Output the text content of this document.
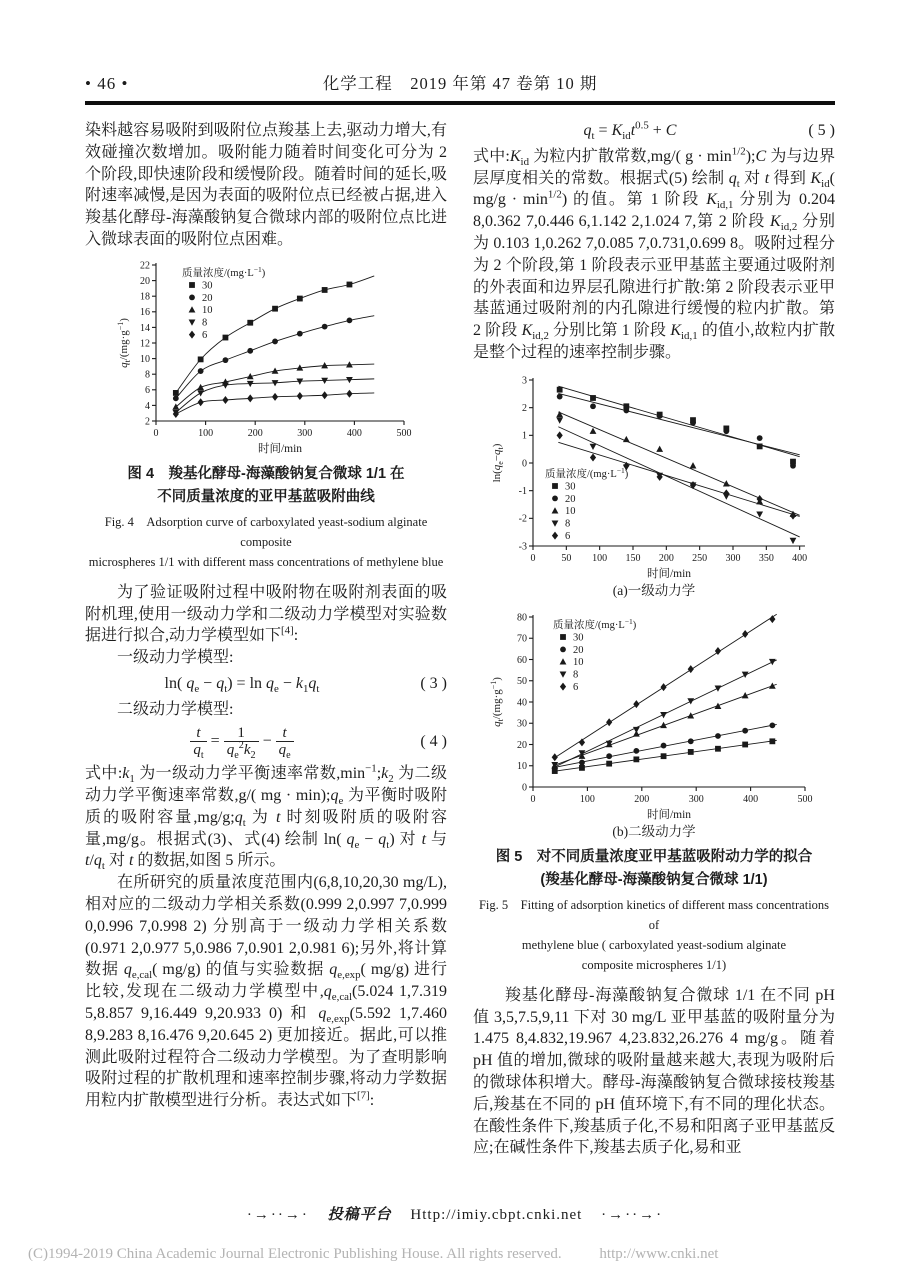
• 46 •	化学工程　2019 年第 47 卷第 10 期

染料越容易吸附到吸附位点羧基上去,驱动力增大,有效碰撞次数增加。吸附能力随着时间变化可分为 2 个阶段,即快速阶段和缓慢阶段。随着时间的延长,吸附速率减慢,是因为表面的吸附位点已经被占据,进入羧基化酵母-海藻酸钠复合微球内部的吸附位点比进入微球表面的吸附位点困难。

0	100	200	300	400	500
2
4
6
8
10
12
14
16
18
20
22
时间/min
$q_t/(mg\cdot g^{-1})$
质量浓度$/(mg\cdot L^{-1})$
30
20
10
8
6
图 4　羧基化酵母-海藻酸钠复合微球 1/1 在
不同质量浓度的亚甲基蓝吸附曲线
Fig. 4　Adsorption curve of carboxylated yeast-sodium alginate composite
microspheres 1/1 with different mass concentrations of methylene blue

为了验证吸附过程中吸附物在吸附剂表面的吸附机理,使用一级动力学和二级动力学模型对实验数据进行拟合,动力学模型如下[4]:

一级动力学模型:

ln( $q_e - q_t) = \ln q_e - k_1q_t$	( 3 )

二级动力学模型:

$\frac{t}{q_t} = \frac{1}{q_e^2k_2} - \frac{t}{q_e}$	( 4 )

式中$:k_1$ 为一级动力学平衡速率常数$,\min^{-1};k_2$ 为二级动力学平衡速率常数,g/( mg · $\min);q_e$ 为平衡时吸附质的吸附容量$,mg/g;q_t$ 为 t 时刻吸附质的吸附容量,mg/g。根据式(3)、式(4) 绘制 ln( $q_e - q_t$) 对 t 与 $t/q_t$ 对 t 的数据,如图 5 所示。

在所研究的质量浓度范围内(6,8,10,20,30 mg/L),相对应的二级动力学相关系数(0.999 2,0.997 7,0.999 0,0.996 7,0.998 2) 分别高于一级动力学相关系数(0.971 2,0.977 5,0.986 7,0.901 2,0.981 6);另外,将计算数据 $q_{e,cal}$( mg/g) 的值与实验数据 $q_{e,exp}$( mg/g) 进行比较,发现在二级动力学模型中$,q_{e,cal}(5.024$ 1,7.319 5,8.857 9,16.449 9,20.933 0) 和 $q_{e,exp}(5.592$ 1,7.460 8,9.283 8,16.476 9,20.645 2) 更加接近。据此,可以推测此吸附过程符合二级动力学模型。为了查明影响吸附过程的扩散机理和速率控制步骤,将动力学数据用粒内扩散模型进行分析。表达式如下[7]:

$q_t = K_{id}t^{0.5} + C$	( 5 )

式中$:K_{id}$ 为粒内扩散常数,mg/( $g \cdot \min^{1/2});C$ 为与边界层厚度相关的常数。根据式(5) 绘制 $q_t$ 对 t 得到 $K_{id}$( $mg/g \cdot \min^{1/2}$) 的值。第 1 阶段 $K_{id,1}$ 分别为 0.204 8,0.362 7,0.446 6,1.142 2,1.024 7,第 2 阶段 $K_{id,2}$ 分别为 0.103 1,0.262 7,0.085 7,0.731,0.699 8。吸附过程分为 2 个阶段,第 1 阶段表示亚甲基蓝主要通过吸附剂的外表面和边界层孔隙进行扩散:第 2 阶段表示亚甲基蓝通过吸附剂的内孔隙进行缓慢的粒内扩散。第 2 阶段 $K_{id,2}$ 分别比第 1 阶段 $K_{id,1}$ 的值小,故粒内扩散是整个过程的速率控制步骤。

0	50 100 150 200 250 300 350 400
-3
-2
-1
0
1
2
3
时间/min
$\ln(q_e-q_t)$
质量浓度$/(mg\cdot L^{-1})$
30
20
10
8
6
(a)一级动力学
0	100	200	300	400	500
0
10
20
30
40
50
60
70
80
时间/min
$q_t/(mg\cdot g^{-1})$
质量浓度$/(mg\cdot L^{-1})$
30
20
10
8
6
(b)二级动力学
图 5　对不同质量浓度亚甲基蓝吸附动力学的拟合
(羧基化酵母-海藻酸钠复合微球 1/1)
Fig. 5　Fitting of adsorption kinetics of different mass concentrations of
methylene blue ( carboxylated yeast-sodium alginate
composite microspheres 1/1)

羧基化酵母-海藻酸钠复合微球 1/1 在不同 pH 值 3,5,7.5,9,11 下对 30 mg/L 亚甲基蓝的吸附量分为 1.475 8,4.832,19.967 4,23.832,26.276 4 mg/g。随着 pH 值的增加,微球的吸附量越来越大,表现为吸附后的微球体积增大。酵母-海藻酸钠复合微球接枝羧基后,羧基在不同的 pH 值环境下,有不同的理化状态。在酸性条件下,羧基质子化,不易和阳离子亚甲基蓝反应;在碱性条件下,羧基去质子化,易和亚

·→··→· 投稿平台 Http://imiy.cbpt.cnki.net ·→··→·
(C)1994-2019 China Academic Journal Electronic Publishing House. All rights reserved.	http://www.cnki.net
